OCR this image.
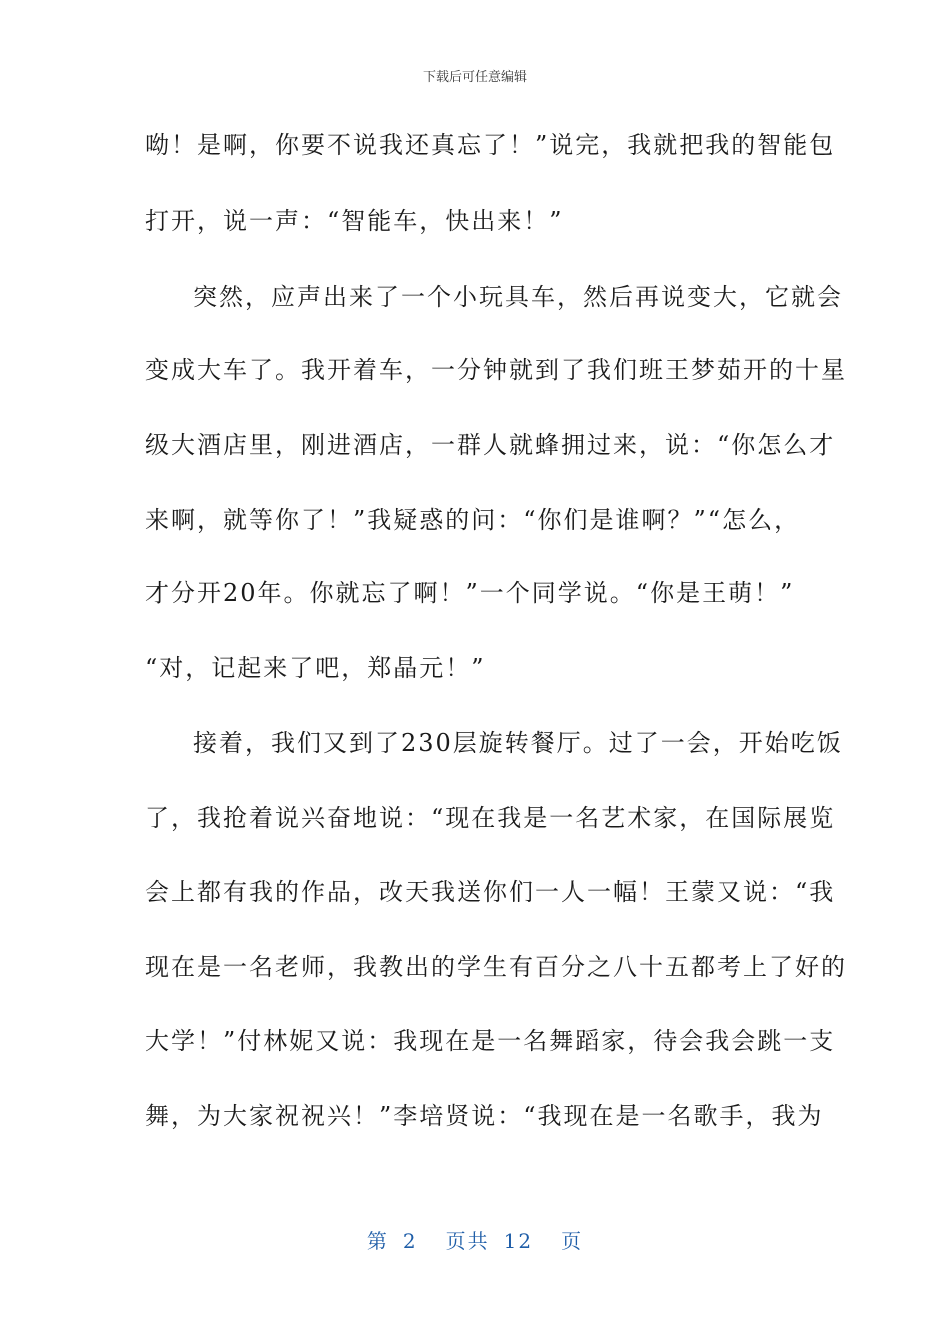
下载后可任意编辑
呦！是啊，你要不说我还真忘了！”说完，我就把我的智能包
打开，说一声：“智能车，快出来！”
突然，应声出来了一个小玩具车，然后再说变大，它就会
变成大车了。我开着车，一分钟就到了我们班王梦茹开的十星
级大酒店里，刚进酒店，一群人就蜂拥过来，说：“你怎么才
来啊，就等你了！”我疑惑的问：“你们是谁啊？”“怎么，
才分开20年。你就忘了啊！”一个同学说。“你是王萌！”
“对，记起来了吧，郑晶元！”
接着，我们又到了230层旋转餐厅。过了一会，开始吃饭
了，我抢着说兴奋地说：“现在我是一名艺术家，在国际展览
会上都有我的作品，改天我送你们一人一幅！王蒙又说：“我
现在是一名老师，我教出的学生有百分之八十五都考上了好的
大学！”付林妮又说：我现在是一名舞蹈家，待会我会跳一支
舞，为大家祝祝兴！”李培贤说：“我现在是一名歌手，我为
第 2 页共 12 页
